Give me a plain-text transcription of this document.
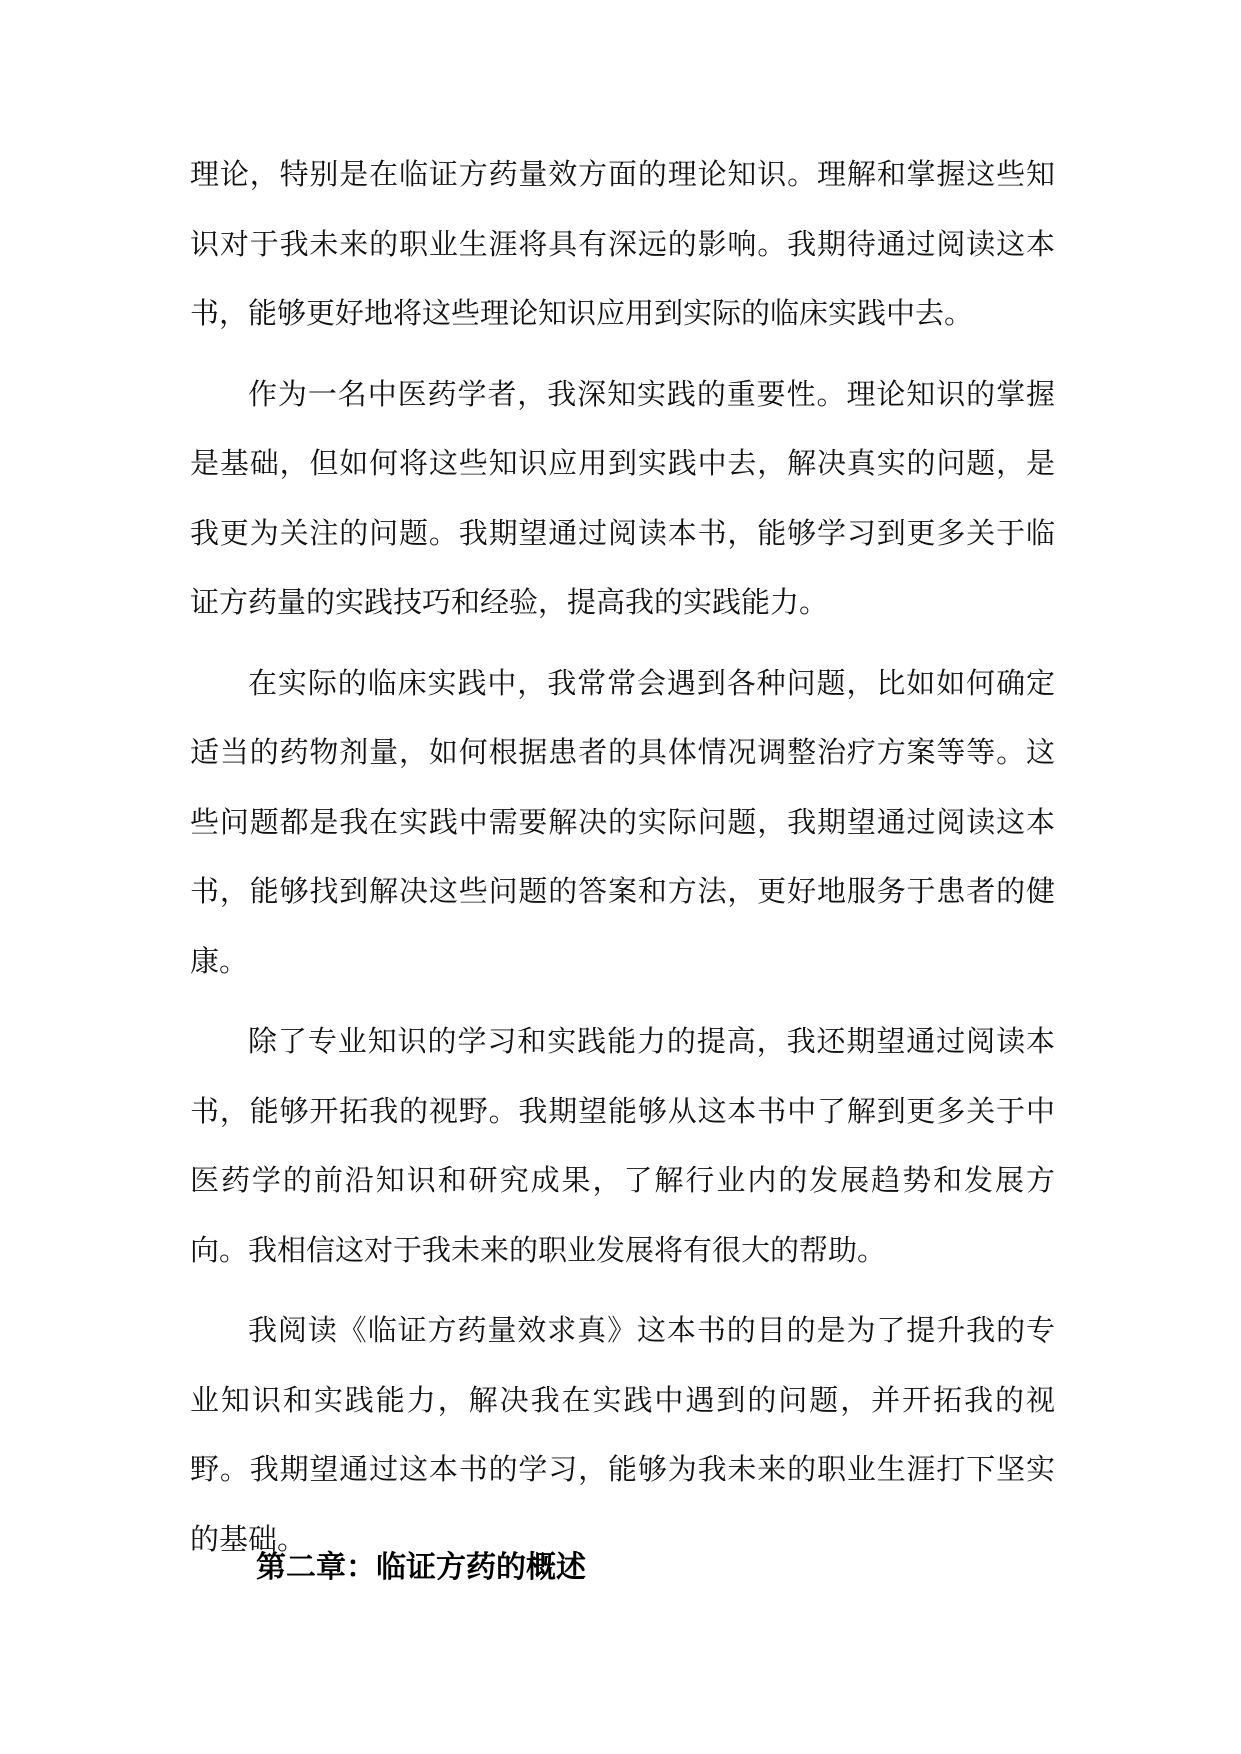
理论，特别是在临证方药量效方面的理论知识。理解和掌握这些知识对于我未来的职业生涯将具有深远的影响。我期待通过阅读这本书，能够更好地将这些理论知识应用到实际的临床实践中去。

作为一名中医药学者，我深知实践的重要性。理论知识的掌握是基础，但如何将这些知识应用到实践中去，解决真实的问题，是我更为关注的问题。我期望通过阅读本书，能够学习到更多关于临证方药量的实践技巧和经验，提高我的实践能力。

在实际的临床实践中，我常常会遇到各种问题，比如如何确定适当的药物剂量，如何根据患者的具体情况调整治疗方案等等。这些问题都是我在实践中需要解决的实际问题，我期望通过阅读这本书，能够找到解决这些问题的答案和方法，更好地服务于患者的健康。

除了专业知识的学习和实践能力的提高，我还期望通过阅读本书，能够开拓我的视野。我期望能够从这本书中了解到更多关于中医药学的前沿知识和研究成果，了解行业内的发展趋势和发展方向。我相信这对于我未来的职业发展将有很大的帮助。

我阅读《临证方药量效求真》这本书的目的是为了提升我的专业知识和实践能力，解决我在实践中遇到的问题，并开拓我的视野。我期望通过这本书的学习，能够为我未来的职业生涯打下坚实的基础。

第二章：临证方药的概述
